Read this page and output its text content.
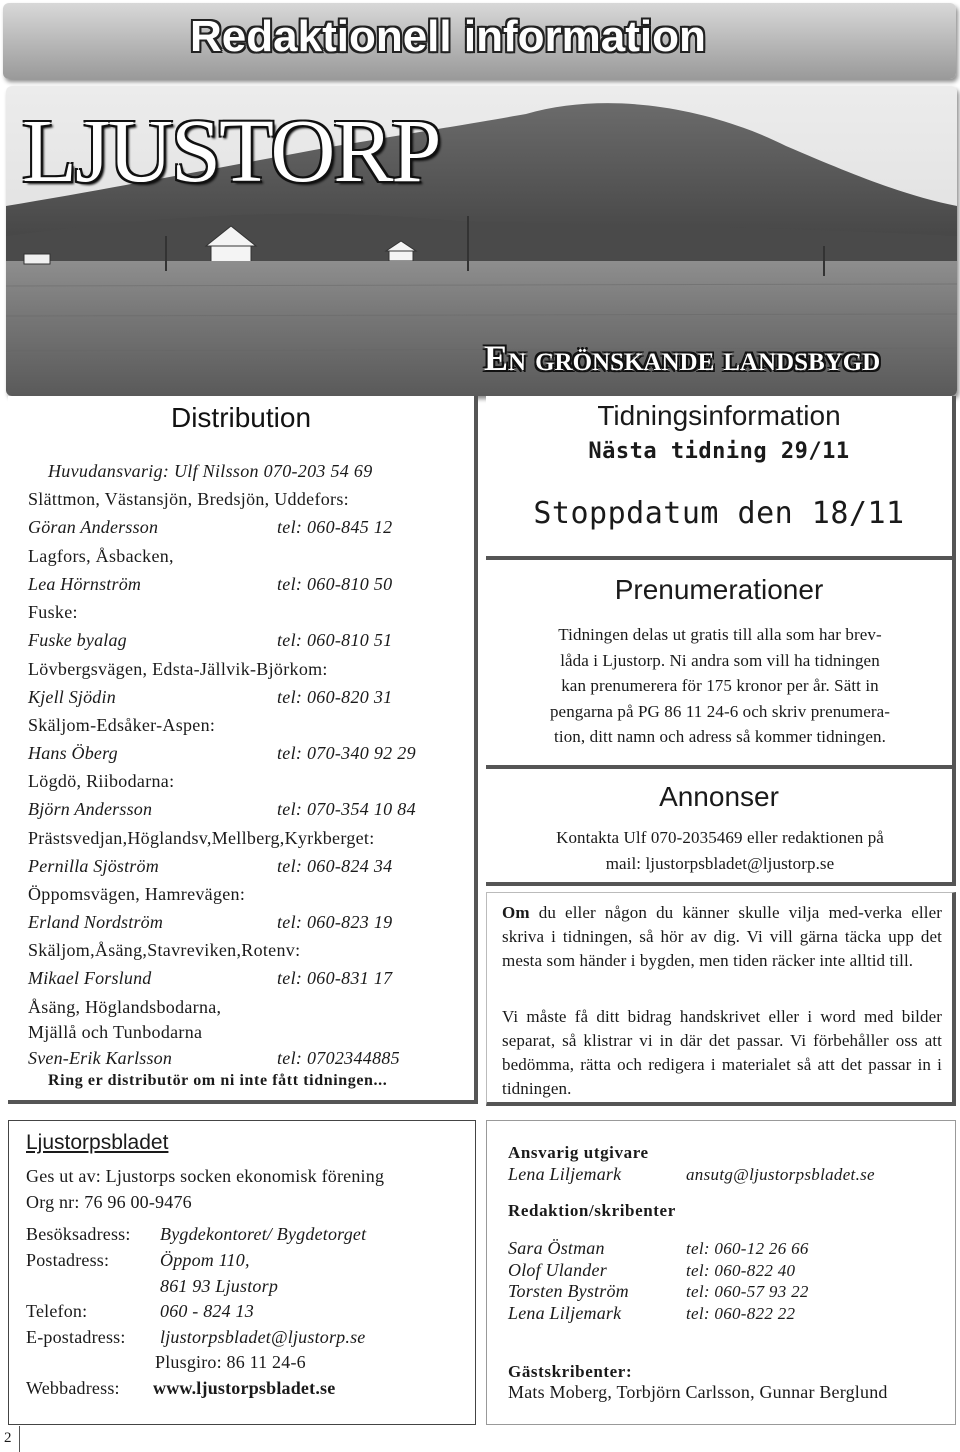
Redaktionell information
LJUSTORP
En grönskande landsbygd
Distribution
Huvudansvarig: Ulf Nilsson 070-203 54 69
Slättmon, Västansjön, Bredsjön, Uddefors:
Göran Andersson	tel: 060-845 12
Lagfors, Åsbacken,
Lea Hörnström	tel: 060-810 50
Fuske:
Fuske byalag	tel: 060-810 51
Lövbergsvägen, Edsta-Jällvik-Björkom:
Kjell Sjödin	tel: 060-820 31
Skäljom-Edsåker-Aspen:
Hans Öberg	tel: 070-340 92 29
Lögdö, Riibodarna:
Björn Andersson	tel: 070-354 10 84
Prästsvedjan,Höglandsv,Mellberg,Kyrkberget:
Pernilla Sjöström	tel: 060-824 34
Öppomsvägen, Hamrevägen:
Erland Nordström	tel: 060-823 19
Skäljom,Åsäng,Stavreviken,Rotenv:
Mikael Forslund	tel: 060-831 17
Åsäng, Höglandsbodarna,
Mjällå och Tunbodarna
Sven-Erik Karlsson	tel: 0702344885
Ring er distributör om ni inte fått tidningen...
Tidningsinformation
Nästa tidning 29/11
Stoppdatum den 18/11
Prenumerationer
Tidningen delas ut gratis till alla som har brev-
låda i Ljustorp. Ni andra som vill ha tidningen
kan prenumerera för 175 kronor per år. Sätt in
pengarna på PG 86 11 24-6 och skriv prenumera-
tion, ditt namn och adress så kommer tidningen.
Annonser
Kontakta Ulf 070-2035469 eller redaktionen på
mail: ljustorpsbladet@ljustorp.se
Om du eller någon du känner skulle vilja med-verka eller skriva i tidningen, så hör av dig. Vi vill gärna täcka upp det mesta som händer i bygden, men tiden räcker inte alltid till.
Vi måste få ditt bidrag handskrivet eller i word med bilder separat, så klistrar vi in där det passar. Vi förbehåller oss att bedömma, rätta och redigera i materialet så att det passar in i tidningen.
Ljustorpsbladet
Ges ut av: Ljustorps socken ekonomisk förening
Org nr: 76 96 00-9476
Besöksadress: Bygdekontoret/ Bygdetorget
Postadress:	Öppom 110,
861 93 Ljustorp
Telefon:	060 - 824 13
E-postadress: ljustorpsbladet@ljustorp.se
Plusgiro: 86 11 24-6
Webbadress: www.ljustorpsbladet.se
Ansvarig utgivare
Lena Liljemark	ansutg@ljustorpsbladet.se
Redaktion/skribenter
Sara Östman	tel: 060-12 26 66
Olof Ulander	tel: 060-822 40
Torsten Byström	tel: 060-57 93 22
Lena Liljemark	tel: 060-822 22
Gästskribenter:
Mats Moberg, Torbjörn Carlsson, Gunnar Berglund
2
